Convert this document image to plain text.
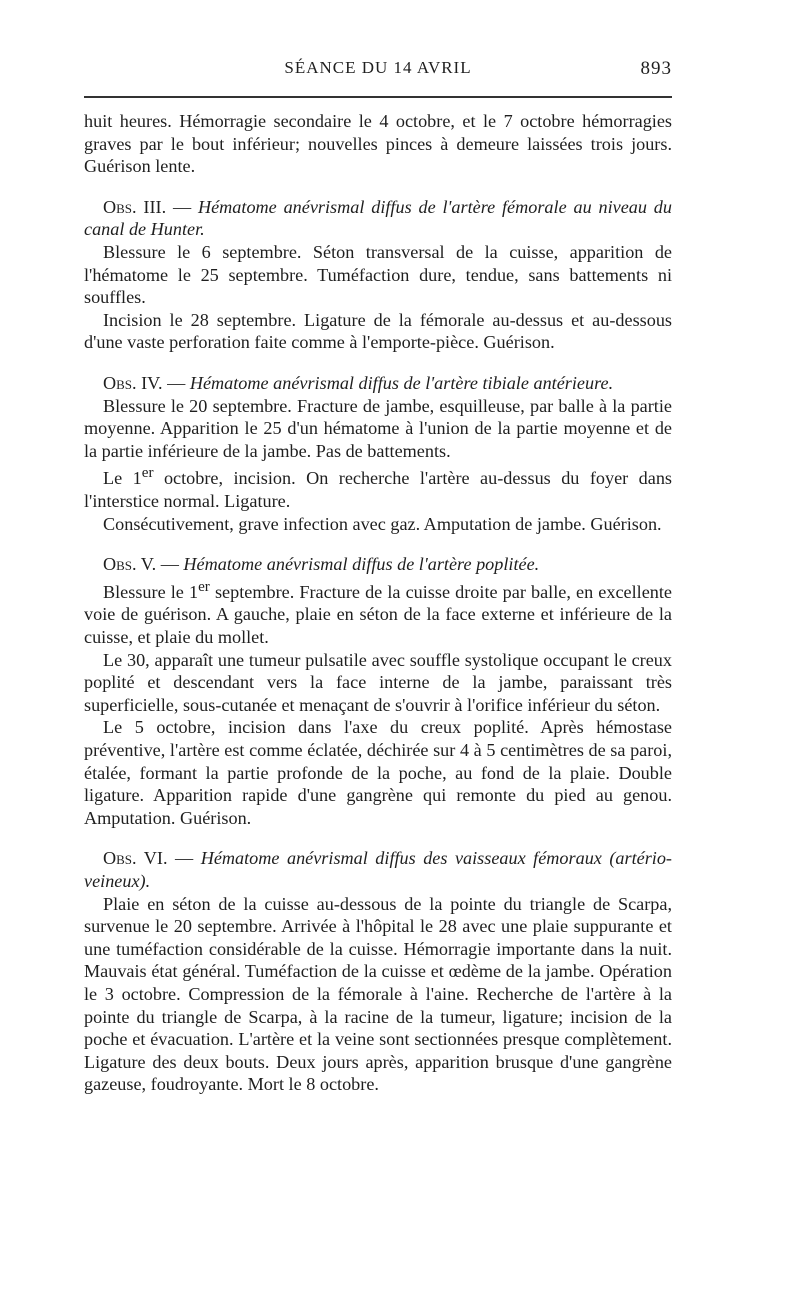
SÉANCE DU 14 AVRIL	893

huit heures. Hémorragie secondaire le 4 octobre, et le 7 octobre hémorragies graves par le bout inférieur; nouvelles pinces à demeure laissées trois jours. Guérison lente.

Obs. III. — Hématome anévrismal diffus de l'artère fémorale au niveau du canal de Hunter.

Blessure le 6 septembre. Séton transversal de la cuisse, apparition de l'hématome le 25 septembre. Tuméfaction dure, tendue, sans battements ni souffles.

Incision le 28 septembre. Ligature de la fémorale au-dessus et au-dessous d'une vaste perforation faite comme à l'emporte-pièce. Guérison.

Obs. IV. — Hématome anévrismal diffus de l'artère tibiale antérieure.

Blessure le 20 septembre. Fracture de jambe, esquilleuse, par balle à la partie moyenne. Apparition le 25 d'un hématome à l'union de la partie moyenne et de la partie inférieure de la jambe. Pas de battements.

Le 1er octobre, incision. On recherche l'artère au-dessus du foyer dans l'interstice normal. Ligature.

Consécutivement, grave infection avec gaz. Amputation de jambe. Guérison.

Obs. V. — Hématome anévrismal diffus de l'artère poplitée.

Blessure le 1er septembre. Fracture de la cuisse droite par balle, en excellente voie de guérison. A gauche, plaie en séton de la face externe et inférieure de la cuisse, et plaie du mollet.

Le 30, apparaît une tumeur pulsatile avec souffle systolique occupant le creux poplité et descendant vers la face interne de la jambe, paraissant très superficielle, sous-cutanée et menaçant de s'ouvrir à l'orifice inférieur du séton.

Le 5 octobre, incision dans l'axe du creux poplité. Après hémostase préventive, l'artère est comme éclatée, déchirée sur 4 à 5 centimètres de sa paroi, étalée, formant la partie profonde de la poche, au fond de la plaie. Double ligature. Apparition rapide d'une gangrène qui remonte du pied au genou. Amputation. Guérison.

Obs. VI. — Hématome anévrismal diffus des vaisseaux fémoraux (artério-veineux).

Plaie en séton de la cuisse au-dessous de la pointe du triangle de Scarpa, survenue le 20 septembre. Arrivée à l'hôpital le 28 avec une plaie suppurante et une tuméfaction considérable de la cuisse. Hémorragie importante dans la nuit. Mauvais état général. Tuméfaction de la cuisse et œdème de la jambe. Opération le 3 octobre. Compression de la fémorale à l'aine. Recherche de l'artère à la pointe du triangle de Scarpa, à la racine de la tumeur, ligature; incision de la poche et évacuation. L'artère et la veine sont sectionnées presque complètement. Ligature des deux bouts. Deux jours après, apparition brusque d'une gangrène gazeuse, foudroyante. Mort le 8 octobre.
